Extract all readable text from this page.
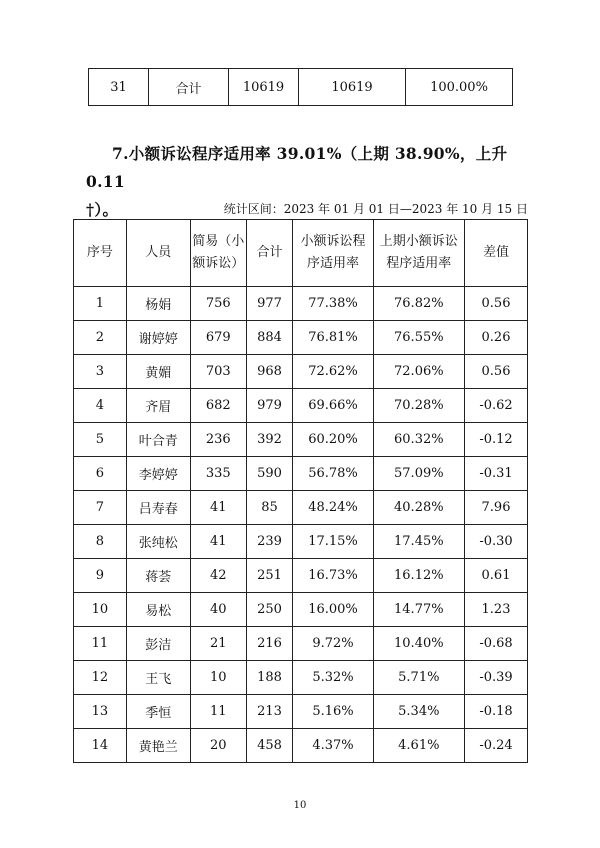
31	合计	10619	10619	100.00%
7.小额诉讼程序适用率 39.01%（上期 38.90%，上升 0.11
†）。	统计区间：2023 年 01 月 01 日—2023 年 10 月 15 日
序号	人员	简易（小
额诉讼）	合计	小额诉讼程
序适用率	上期小额诉讼
程序适用率	差值
1	杨娟	756	977	77.38%	76.82%	0.56
2	谢婷婷	679	884	76.81%	76.55%	0.26
3	黄媚	703	968	72.62%	72.06%	0.56
4	齐眉	682	979	69.66%	70.28%	-0.62
5	叶合青	236	392	60.20%	60.32%	-0.12
6	李婷婷	335	590	56.78%	57.09%	-0.31
7	吕寿春	41	85	48.24%	40.28%	7.96
8	张纯松	41	239	17.15%	17.45%	-0.30
9	蒋荟	42	251	16.73%	16.12%	0.61
10	易松	40	250	16.00%	14.77%	1.23
11	彭洁	21	216	9.72%	10.40%	-0.68
12	王飞	10	188	5.32%	5.71%	-0.39
13	季恒	11	213	5.16%	5.34%	-0.18
14	黄艳兰	20	458	4.37%	4.61%	-0.24
10
